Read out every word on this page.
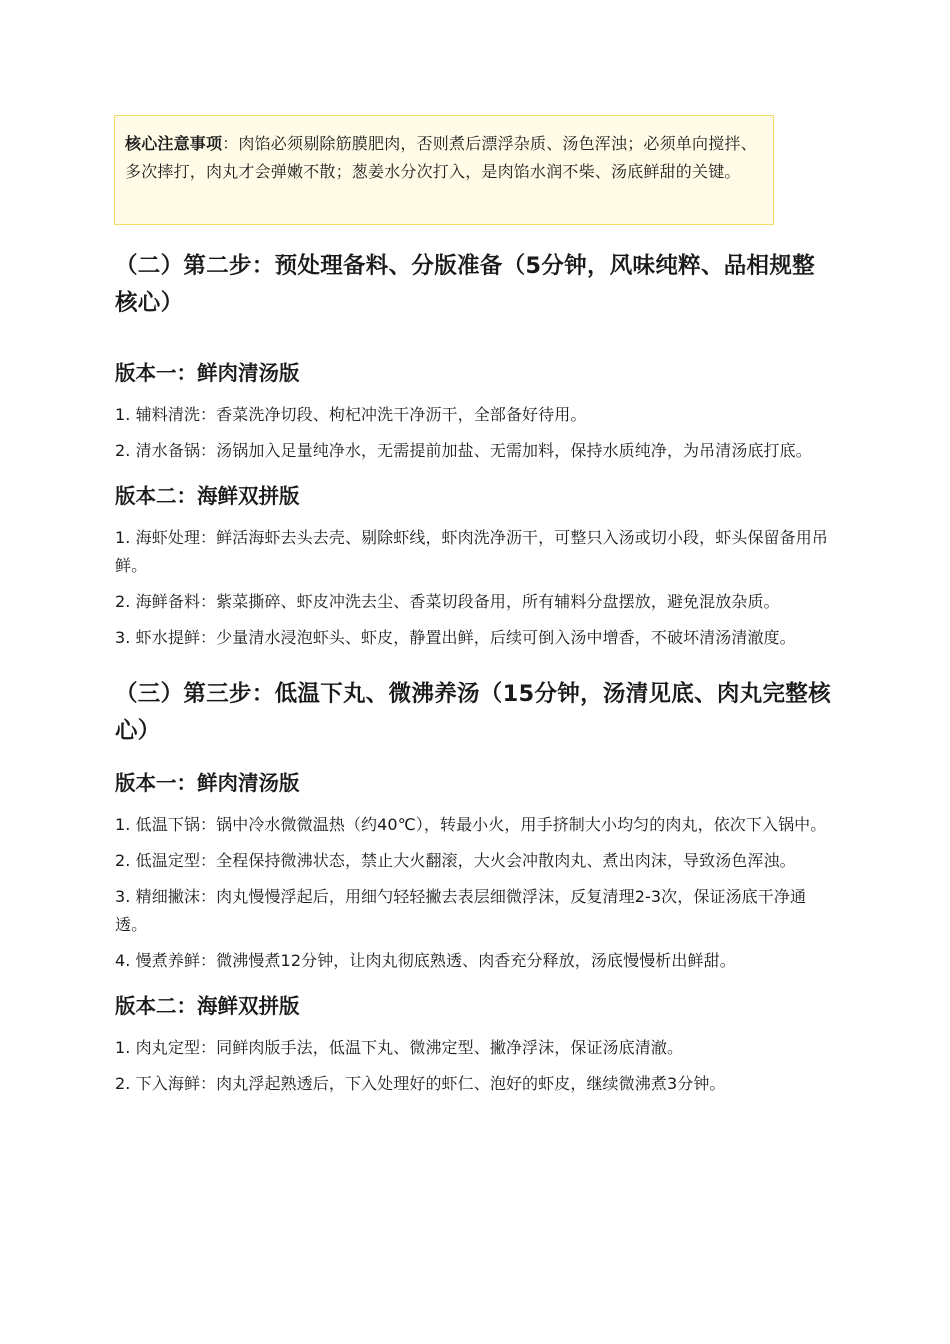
核心注意事项：肉馅必须剔除筋膜肥肉，否则煮后漂浮杂质、汤色浑浊；必须单向搅拌、多次摔打，肉丸才会弹嫩不散；葱姜水分次打入，是肉馅水润不柴、汤底鲜甜的关键。
（二）第二步：预处理备料、分版准备（5分钟，风味纯粹、品相规整核心）
版本一：鲜肉清汤版

1. 辅料清洗：香菜洗净切段、枸杞冲洗干净沥干，全部备好待用。

2. 清水备锅：汤锅加入足量纯净水，无需提前加盐、无需加料，保持水质纯净，为吊清汤底打底。

版本二：海鲜双拼版

1. 海虾处理：鲜活海虾去头去壳、剔除虾线，虾肉洗净沥干，可整只入汤或切小段，虾头保留备用吊鲜。

2. 海鲜备料：紫菜撕碎、虾皮冲洗去尘、香菜切段备用，所有辅料分盘摆放，避免混放杂质。

3. 虾水提鲜：少量清水浸泡虾头、虾皮，静置出鲜，后续可倒入汤中增香，不破坏清汤清澈度。

（三）第三步：低温下丸、微沸养汤（15分钟，汤清见底、肉丸完整核心）
版本一：鲜肉清汤版

1. 低温下锅：锅中冷水微微温热（约40℃），转最小火，用手挤制大小均匀的肉丸，依次下入锅中。

2. 低温定型：全程保持微沸状态，禁止大火翻滚，大火会冲散肉丸、煮出肉沫，导致汤色浑浊。

3. 精细撇沫：肉丸慢慢浮起后，用细勺轻轻撇去表层细微浮沫，反复清理2-3次，保证汤底干净通透。

4. 慢煮养鲜：微沸慢煮12分钟，让肉丸彻底熟透、肉香充分释放，汤底慢慢析出鲜甜。

版本二：海鲜双拼版

1. 肉丸定型：同鲜肉版手法，低温下丸、微沸定型、撇净浮沫，保证汤底清澈。

2. 下入海鲜：肉丸浮起熟透后，下入处理好的虾仁、泡好的虾皮，继续微沸煮3分钟。
